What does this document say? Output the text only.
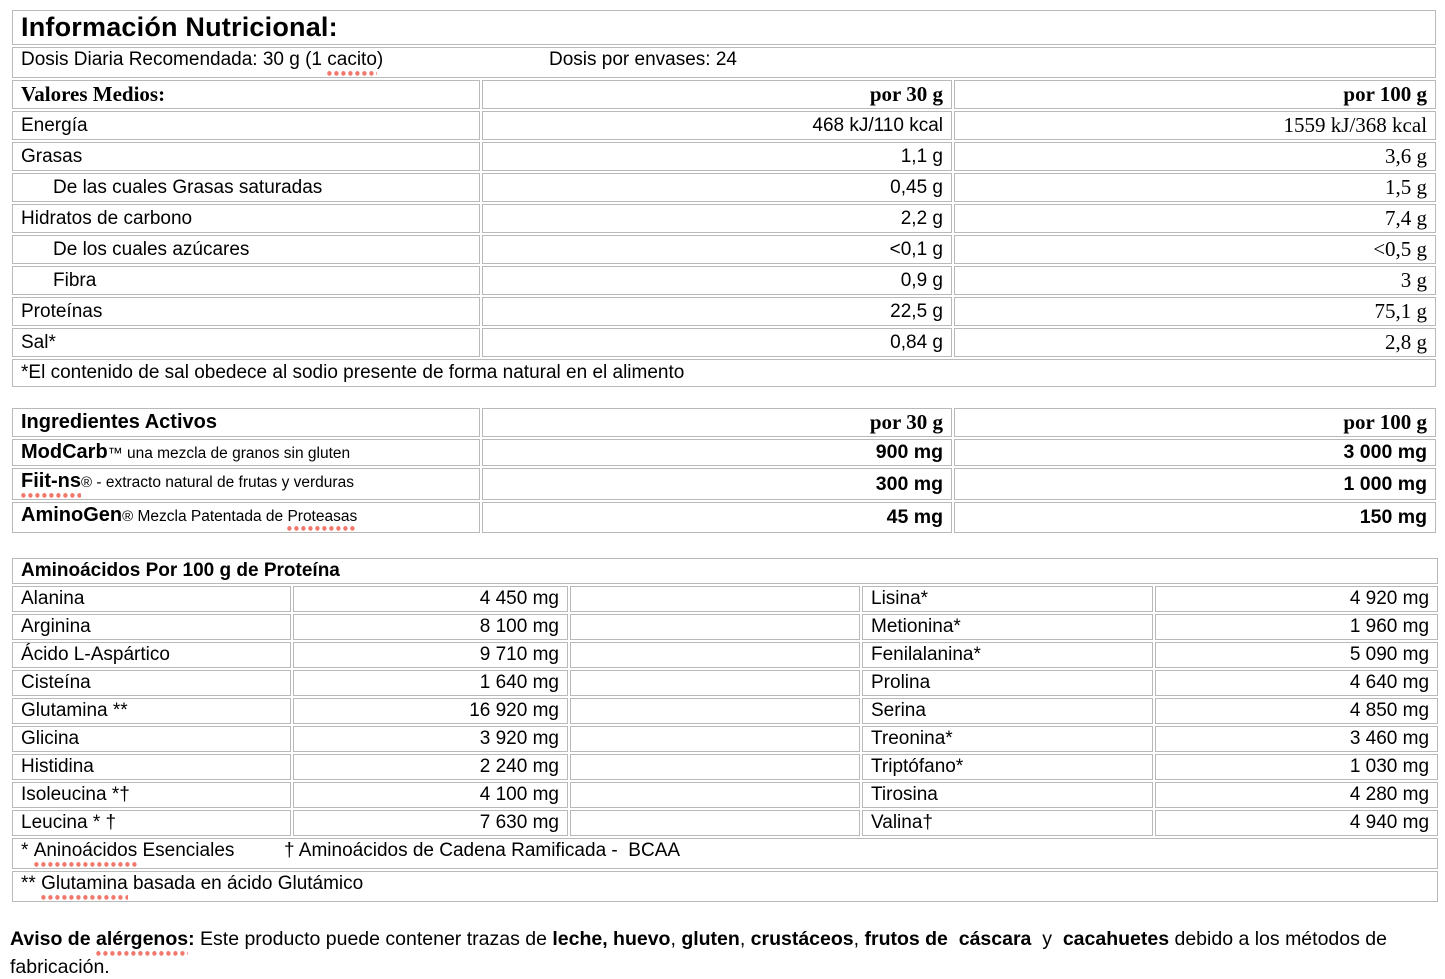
Información Nutricional:		
Dosis Diaria Recomendada: 30 g (1 cacito) Dosis por envases: 24		
Valores Medios:	por 30 g	por 100 g
Energía	468 kJ/110 kcal	1559 kJ/368 kcal
Grasas	1,1 g	3,6 g
De las cuales Grasas saturadas	0,45 g	1,5 g
Hidratos de carbono	2,2 g	7,4 g
De los cuales azúcares	<0,1 g	<0,5 g
Fibra	0,9 g	3 g
Proteínas	22,5 g	75,1 g
Sal*	0,84 g	2,8 g
*El contenido de sal obedece al sodio presente de forma natural en el alimento		
Ingredientes Activos	por 30 g	por 100 g
ModCarb™ una mezcla de granos sin gluten	900 mg	3 000 mg
Fiit-ns® - extracto natural de frutas y verduras	300 mg	1 000 mg
AminoGen® Mezcla Patentada de Proteasas	45 mg	150 mg
Aminoácidos Por 100 g de Proteína				
Alanina	4 450 mg		Lisina*	4 920 mg
Arginina	8 100 mg		Metionina*	1 960 mg
Ácido L-Aspártico	9 710 mg		Fenilalanina*	5 090 mg
Cisteína	1 640 mg		Prolina	4 640 mg
Glutamina **	16 920 mg		Serina	4 850 mg
Glicina	3 920 mg		Treonina*	3 460 mg
Histidina	2 240 mg		Triptófano*	1 030 mg
Isoleucina *†	4 100 mg		Tirosina	4 280 mg
Leucina * †	7 630 mg		Valina†	4 940 mg
* Aninoácidos Esenciales † Aminoácidos de Cadena Ramificada -  BCAA				
** Glutamina basada en ácido Glutámico				

Aviso de alérgenos: Este producto puede contener trazas de leche, huevo, gluten, crustáceos, frutos de  cáscara  y  cacahuetes debido a los métodos de fabricación.
